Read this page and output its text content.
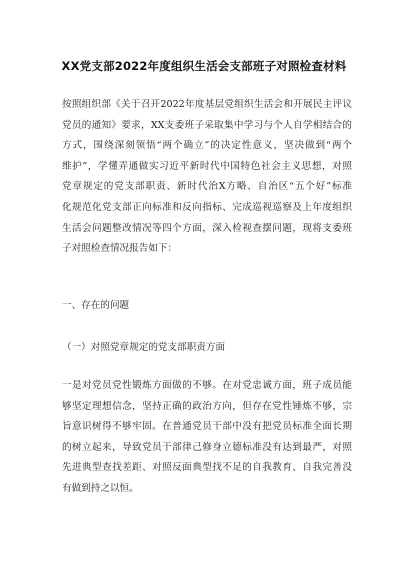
XX党支部2022年度组织生活会支部班子对照检查材料
按照组织部《关于召开2022年度基层党组织生活会和开展民主评议
党员的通知》要求，XX支委班子采取集中学习与个人自学相结合的
方式，围绕深刻领悟“两个确立”的决定性意义，坚决做到“两个
维护”，学懂弄通做实习近平新时代中国特色社会主义思想，对照
党章规定的党支部职责、新时代治X方略、自治区“五个好”标准
化规范化党支部正向标准和反向指标、完成巡视巡察及上年度组织
生活会问题整改情况等四个方面，深入检视查摆问题，现将支委班
子对照检查情况报告如下：
一、存在的问题
（一）对照党章规定的党支部职责方面
一是对党员党性锻炼方面做的不够。在对党忠诚方面，班子成员能
够坚定理想信念，坚持正确的政治方向，但存在党性锤炼不够，宗
旨意识树得不够牢固。在普通党员干部中没有把党员标准全面长期
的树立起来，导致党员干部律己修身立德标准没有达到最严，对照
先进典型查找差距、对照反面典型找不足的自我教育、自我完善没
有做到持之以恒。
